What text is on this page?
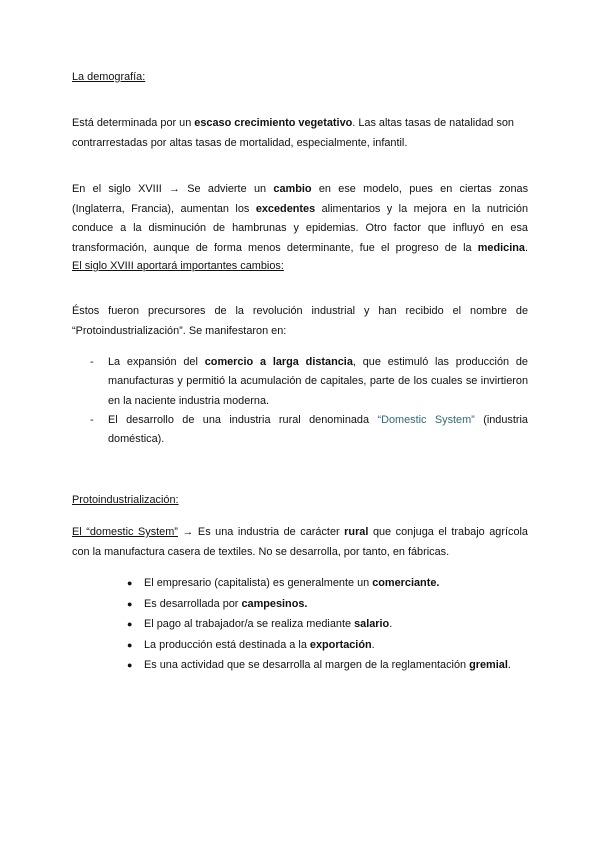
La demografía:
Está determinada por un escaso crecimiento vegetativo. Las altas tasas de natalidad son
contrarrestadas por altas tasas de mortalidad, especialmente, infantil.
En el siglo XVIII → Se advierte un cambio en ese modelo, pues en ciertas zonas
(Inglaterra, Francia), aumentan los excedentes alimentarios y la mejora en la nutrición
conduce a la disminución de hambrunas y epidemias. Otro factor que influyó en esa
transformación, aunque de forma menos determinante, fue el progreso de la medicina.
El siglo XVIII aportará importantes cambios:
Éstos fueron precursores de la revolución industrial y han recibido el nombre de
“Protoindustrialización”. Se manifestaron en:
- La expansión del comercio a larga distancia, que estimuló las producción de manufacturas y permitió la acumulación de capitales, parte de los cuales se invirtieron en la naciente industria moderna.
- El desarrollo de una industria rural denominada “Domestic System” (industria doméstica).
Protoindustrialización:
El “domestic System” → Es una industria de carácter rural que conjuga el trabajo agrícola
con la manufactura casera de textiles. No se desarrolla, por tanto, en fábricas.
● El empresario (capitalista) es generalmente un comerciante.
● Es desarrollada por campesinos.
● El pago al trabajador/a se realiza mediante salario.
● La producción está destinada a la exportación.
● Es una actividad que se desarrolla al margen de la reglamentación gremial.
